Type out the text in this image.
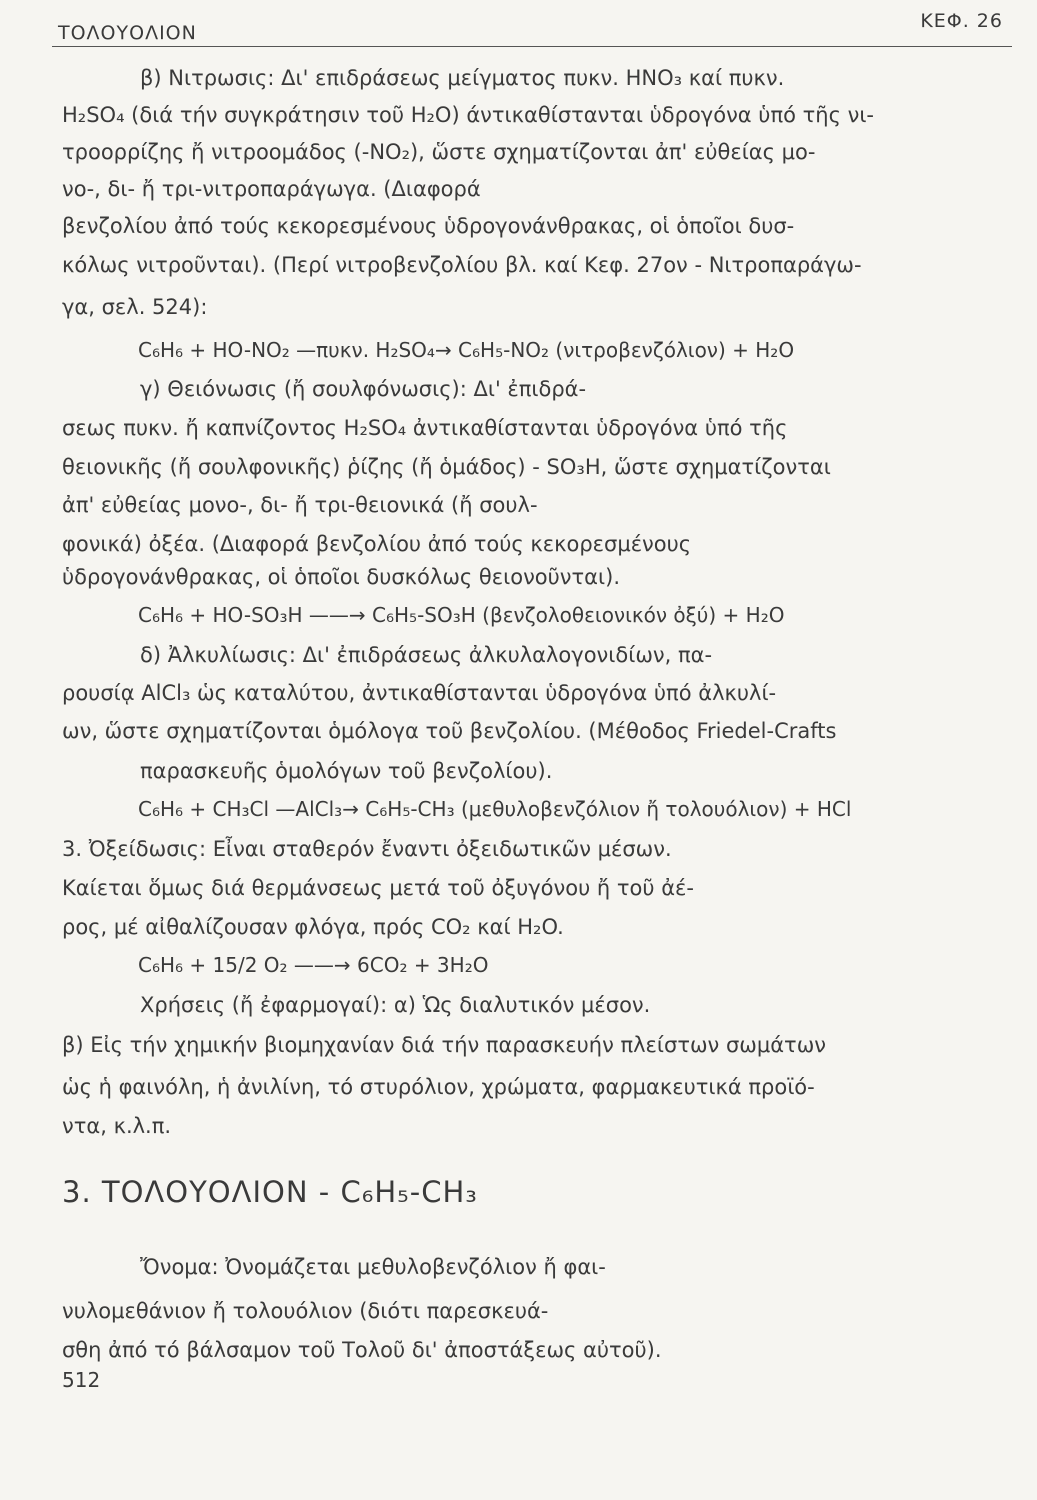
ΤΟΛΟΥΟΛΙΟΝ
ΚΕΦ. 26
β) Νιτρωσις: Δι' επιδράσεως μείγματος πυκν. HNO₃ καί πυκν.
H₂SO₄ (διά τήν συγκράτησιν τοῦ H₂O) άντικαθίστανται ὑδρογόνα ὑπό τῆς νι-
τροορρίζης ἤ νιτροομάδος (-NO₂), ὥστε σχηματίζονται ἀπ' εὐθείας μο-
νο-, δι- ἤ τρι-νιτροπαράγωγα. (Διαφορά
βενζολίου ἀπό τούς κεκορεσμένους ὑδρογονάνθρακας, οἱ ὁποῖοι δυσ-
κόλως νιτροῦνται). (Περί νιτροβενζολίου βλ. καί Κεφ. 27ον - Νιτροπαράγω-
γα, σελ. 524):
C₆H₆ + HO-NO₂ —πυκν. H₂SO₄→ C₆H₅-NO₂ (νιτροβενζόλιον) + H₂O
γ) Θειόνωσις (ἤ σουλφόνωσις): Δι' ἐπιδρά-
σεως πυκν. ἤ καπνίζοντος H₂SO₄ ἀντικαθίστανται ὑδρογόνα ὑπό τῆς
θειονικῆς (ἤ σουλφονικῆς) ῥίζης (ἤ ὁμάδος) - SO₃H, ὥστε σχηματίζονται
ἀπ' εὐθείας μονο-, δι- ἤ τρι-θειονικά (ἤ σουλ-
φονικά) ὀξέα. (Διαφορά βενζολίου ἀπό τούς κεκορεσμένους
ὑδρογονάνθρακας, οἱ ὁποῖοι δυσκόλως θειονοῦνται).
C₆H₆ + HO-SO₃H ——→ C₆H₅-SO₃H (βενζολοθειονικόν ὀξύ) + H₂O
δ) Ἀλκυλίωσις: Δι' ἐπιδράσεως ἀλκυλαλογονιδίων, πα-
ρουσίᾳ AlCl₃ ὡς καταλύτου, ἀντικαθίστανται ὑδρογόνα ὑπό ἀλκυλί-
ων, ὥστε σχηματίζονται ὁμόλογα τοῦ βενζολίου. (Μέθοδος Friedel-Crafts
παρασκευῆς ὁμολόγων τοῦ βενζολίου).
C₆H₆ + CH₃Cl —AlCl₃→ C₆H₅-CH₃ (μεθυλοβενζόλιον ἤ τολουόλιον) + HCl
3. Ὀξείδωσις: Εἶναι σταθερόν ἔναντι ὀξειδωτικῶν μέσων.
Καίεται ὅμως διά θερμάνσεως μετά τοῦ ὀξυγόνου ἤ τοῦ ἀέ-
ρος, μέ αἰθαλίζουσαν φλόγα, πρός CO₂ καί H₂O.
C₆H₆ + 15/2 O₂ ——→ 6CO₂ + 3H₂O
Χρήσεις (ἤ ἐφαρμογαί): α) Ὡς διαλυτικόν μέσον.
β) Εἰς τήν χημικήν βιομηχανίαν διά τήν παρασκευήν πλείστων σωμάτων
ὡς ἡ φαινόλη, ἡ ἀνιλίνη, τό στυρόλιον, χρώματα, φαρμακευτικά προϊό-
ντα, κ.λ.π.
3. ΤΟΛΟΥΟΛΙΟΝ - C₆H₅-CH₃
Ὄνομα: Ὀνομάζεται μεθυλοβενζόλιον ἤ φαι-
νυλομεθάνιον ἤ τολουόλιον (διότι παρεσκευά-
σθη ἀπό τό βάλσαμον τοῦ Τολοῦ δι' ἀποστάξεως αὐτοῦ).
512
